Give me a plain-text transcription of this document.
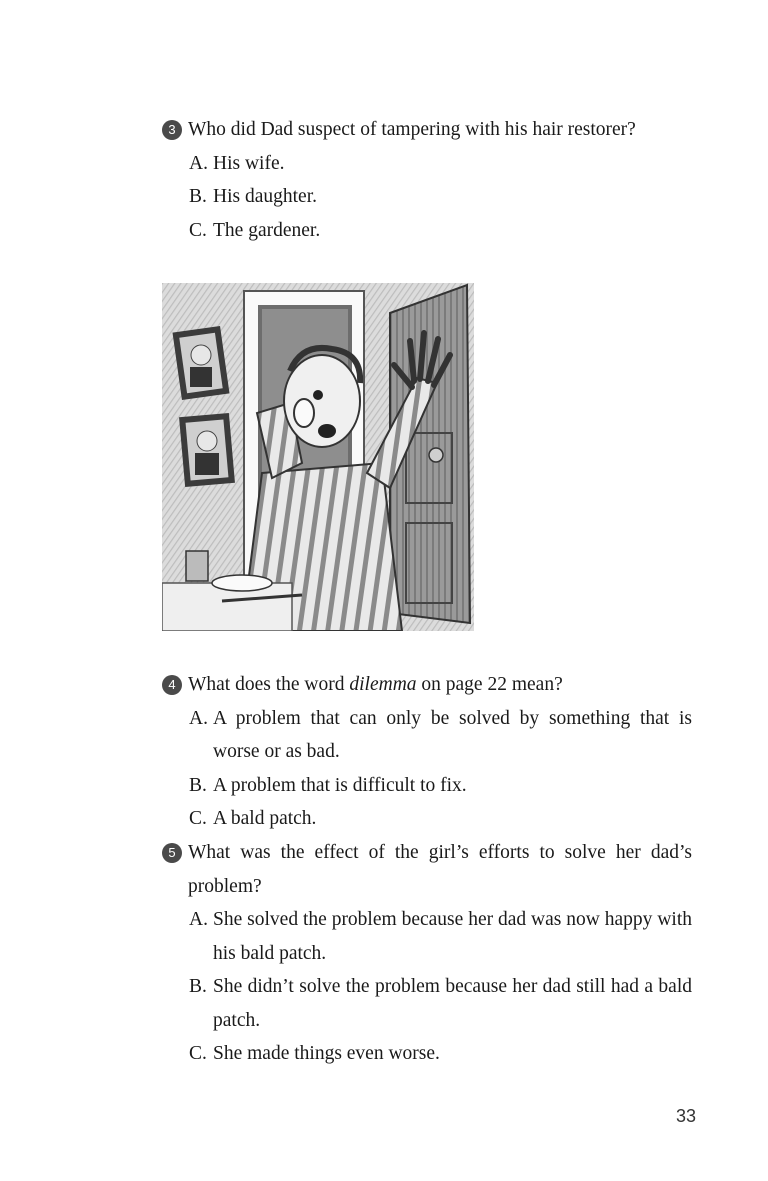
3 Who did Dad suspect of tampering with his hair restorer?
A. His wife.
B. His daughter.
C. The gardener.
4 What does the word dilemma on page 22 mean?
A. A problem that can only be solved by something that is worse or as bad.
B. A problem that is difficult to fix.
C. A bald patch.
5 What was the effect of the girl’s efforts to solve her dad’s problem?
A. She solved the problem because her dad was now happy with his bald patch.
B. She didn’t solve the problem because her dad still had a bald patch.
C. She made things even worse.
33
